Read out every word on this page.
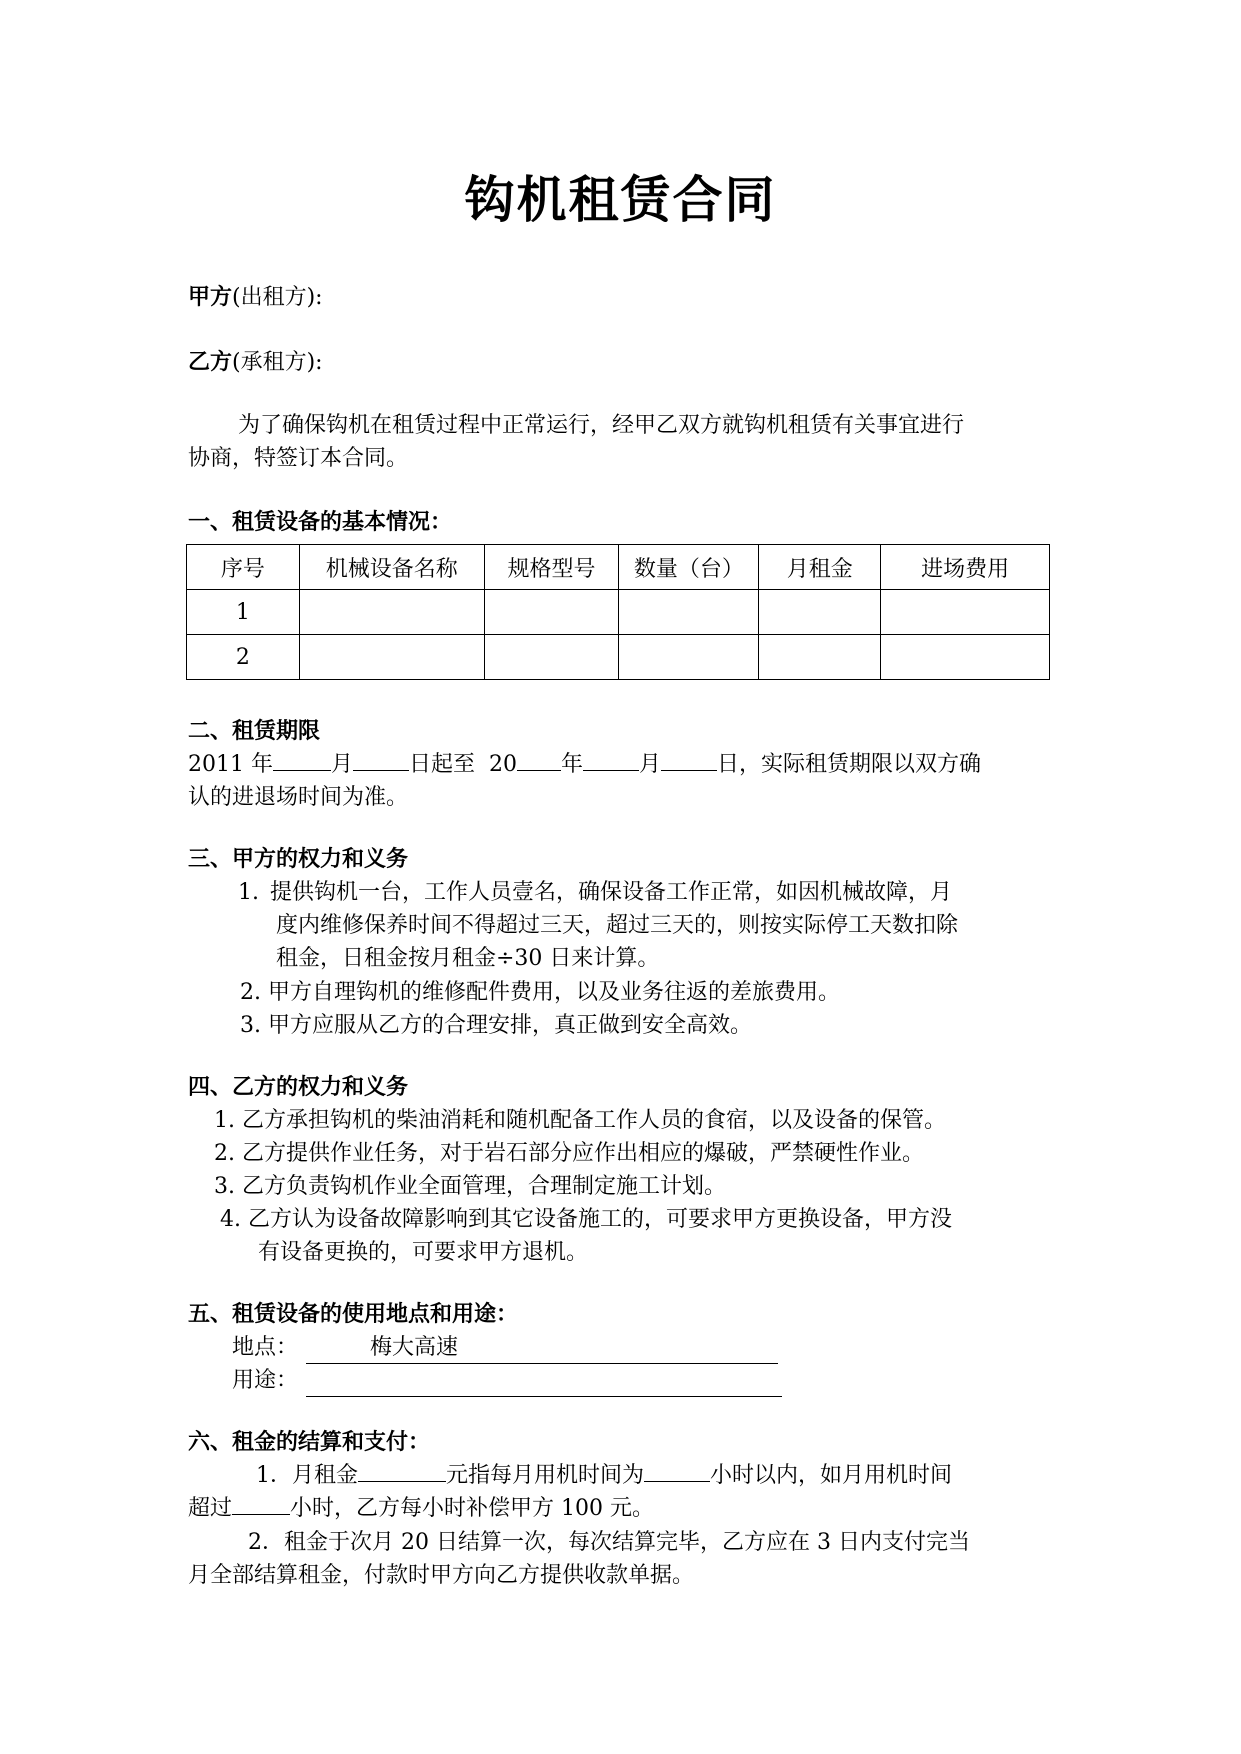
钩机租赁合同
甲方(出租方):
乙方(承租方):
为了确保钩机在租赁过程中正常运行，经甲乙双方就钩机租赁有关事宜进行
协商，特签订本合同。
一、租赁设备的基本情况：
序号	机械设备名称	规格型号	数量（台）	月租金	进场费用
1					
2					
二、租赁期限
2011 年	月	日起至 20 年	月	日，实际租赁期限以双方确
认的进退场时间为准。
三、甲方的权力和义务
1. 提供钩机一台，工作人员壹名，确保设备工作正常，如因机械故障，月
度内维修保养时间不得超过三天，超过三天的，则按实际停工天数扣除
租金，日租金按月租金÷30 日来计算。
2. 甲方自理钩机的维修配件费用，以及业务往返的差旅费用。
3. 甲方应服从乙方的合理安排，真正做到安全高效。
四、乙方的权力和义务
1. 乙方承担钩机的柴油消耗和随机配备工作人员的食宿，以及设备的保管。
2. 乙方提供作业任务，对于岩石部分应作出相应的爆破，严禁硬性作业。
3. 乙方负责钩机作业全面管理，合理制定施工计划。
4. 乙方认为设备故障影响到其它设备施工的，可要求甲方更换设备，甲方没
有设备更换的，可要求甲方退机。
五、租赁设备的使用地点和用途：
地点：	梅大高速
用途：
六、租金的结算和支付：
1．月租金	元指每月用机时间为	小时以内，如月用机时间
超过	小时，乙方每小时补偿甲方 100 元。
2．租金于次月 20 日结算一次，每次结算完毕，乙方应在 3 日内支付完当
月全部结算租金，付款时甲方向乙方提供收款单据。
